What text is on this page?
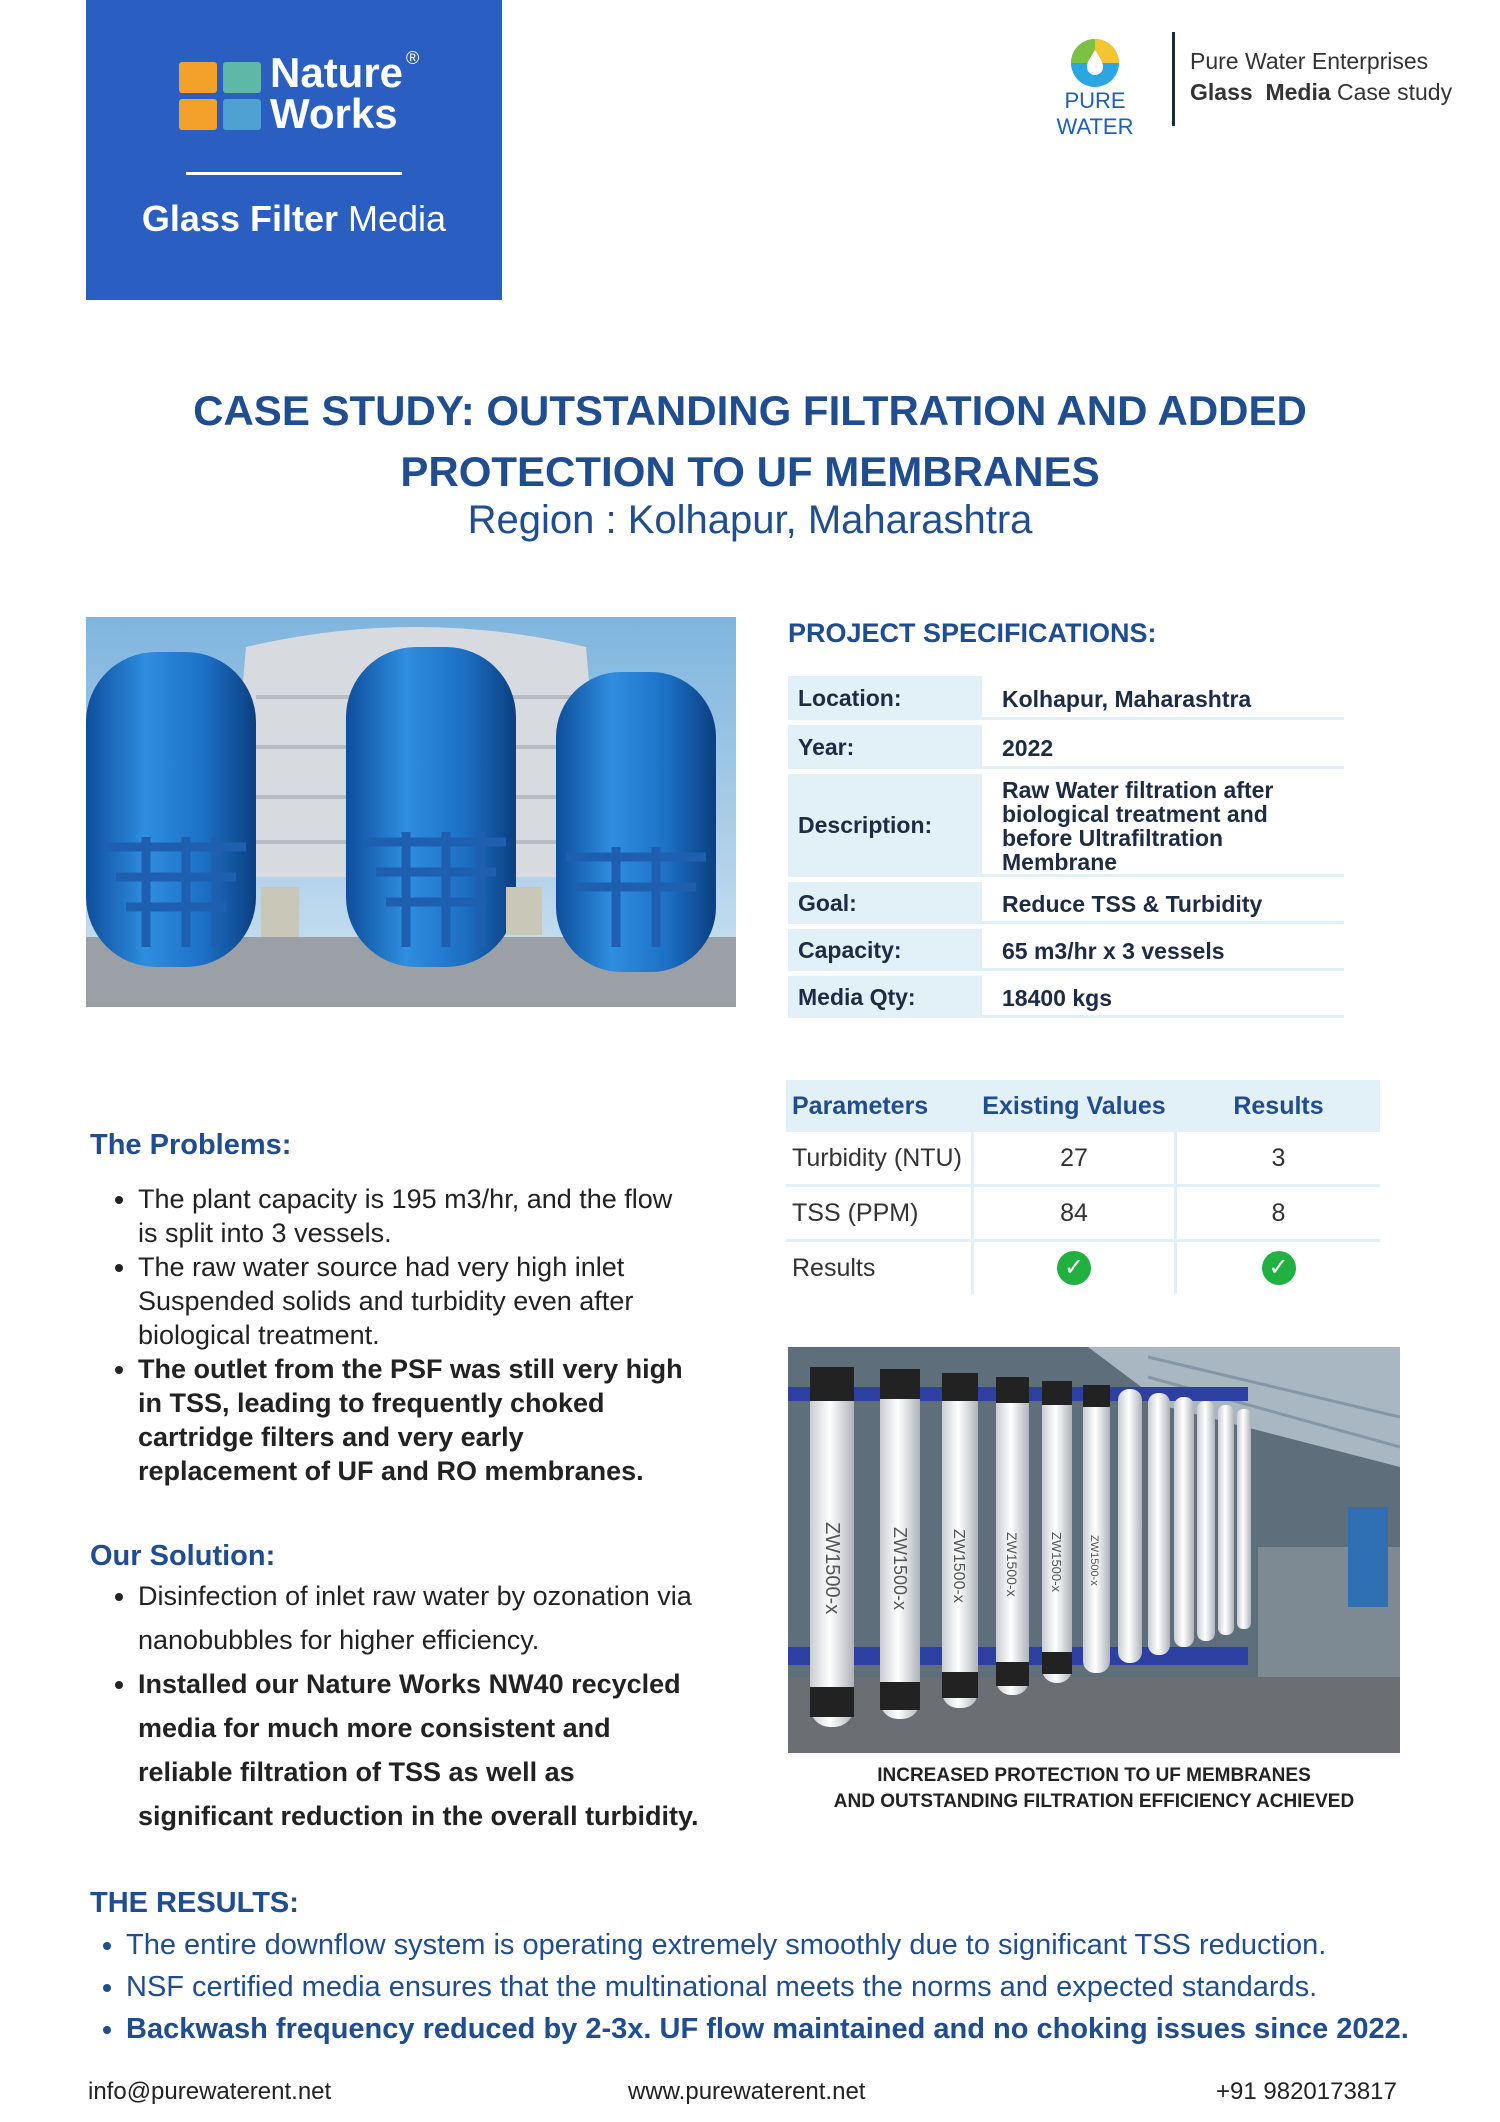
Nature
Works
®
Glass Filter Media
PURE WATER
Pure Water Enterprises
Glass Media Case study
CASE STUDY: OUTSTANDING FILTRATION AND ADDED
PROTECTION TO UF MEMBRANES
Region : Kolhapur, Maharashtra
PROJECT SPECIFICATIONS:
Location:	Kolhapur, Maharashtra
Year:	2022
Description:	Raw Water filtration after biological treatment and before Ultrafiltration Membrane
Goal:	Reduce TSS & Turbidity
Capacity:	65 m3/hr x 3 vessels
Media Qty:	18400 kgs
Parameters	Existing Values	Results
Turbidity (NTU)	27	3
TSS (PPM)	84	8
Results	✓	✓
ZW1500-x	ZW1500-x	ZW1500-x	ZW1500-x ZW1500-x ZW1500-x
INCREASED PROTECTION TO UF MEMBRANES
AND OUTSTANDING FILTRATION EFFICIENCY ACHIEVED
The Problems:
• The plant capacity is 195 m3/hr, and the flow is split into 3 vessels.
• The raw water source had very high inlet Suspended solids and turbidity even after biological treatment.
• The outlet from the PSF was still very high in TSS, leading to frequently choked cartridge filters and very early replacement of UF and RO membranes.
Our Solution:
• Disinfection of inlet raw water by ozonation via nanobubbles for higher efficiency.
• Installed our Nature Works NW40 recycled media for much more consistent and reliable filtration of TSS as well as significant reduction in the overall turbidity.
THE RESULTS:
• The entire downflow system is operating extremely smoothly due to significant TSS reduction.
• NSF certified media ensures that the multinational meets the norms and expected standards.
• Backwash frequency reduced by 2-3x. UF flow maintained and no choking issues since 2022.
info@purewaterent.net	www.purewaterent.net	+91 9820173817
